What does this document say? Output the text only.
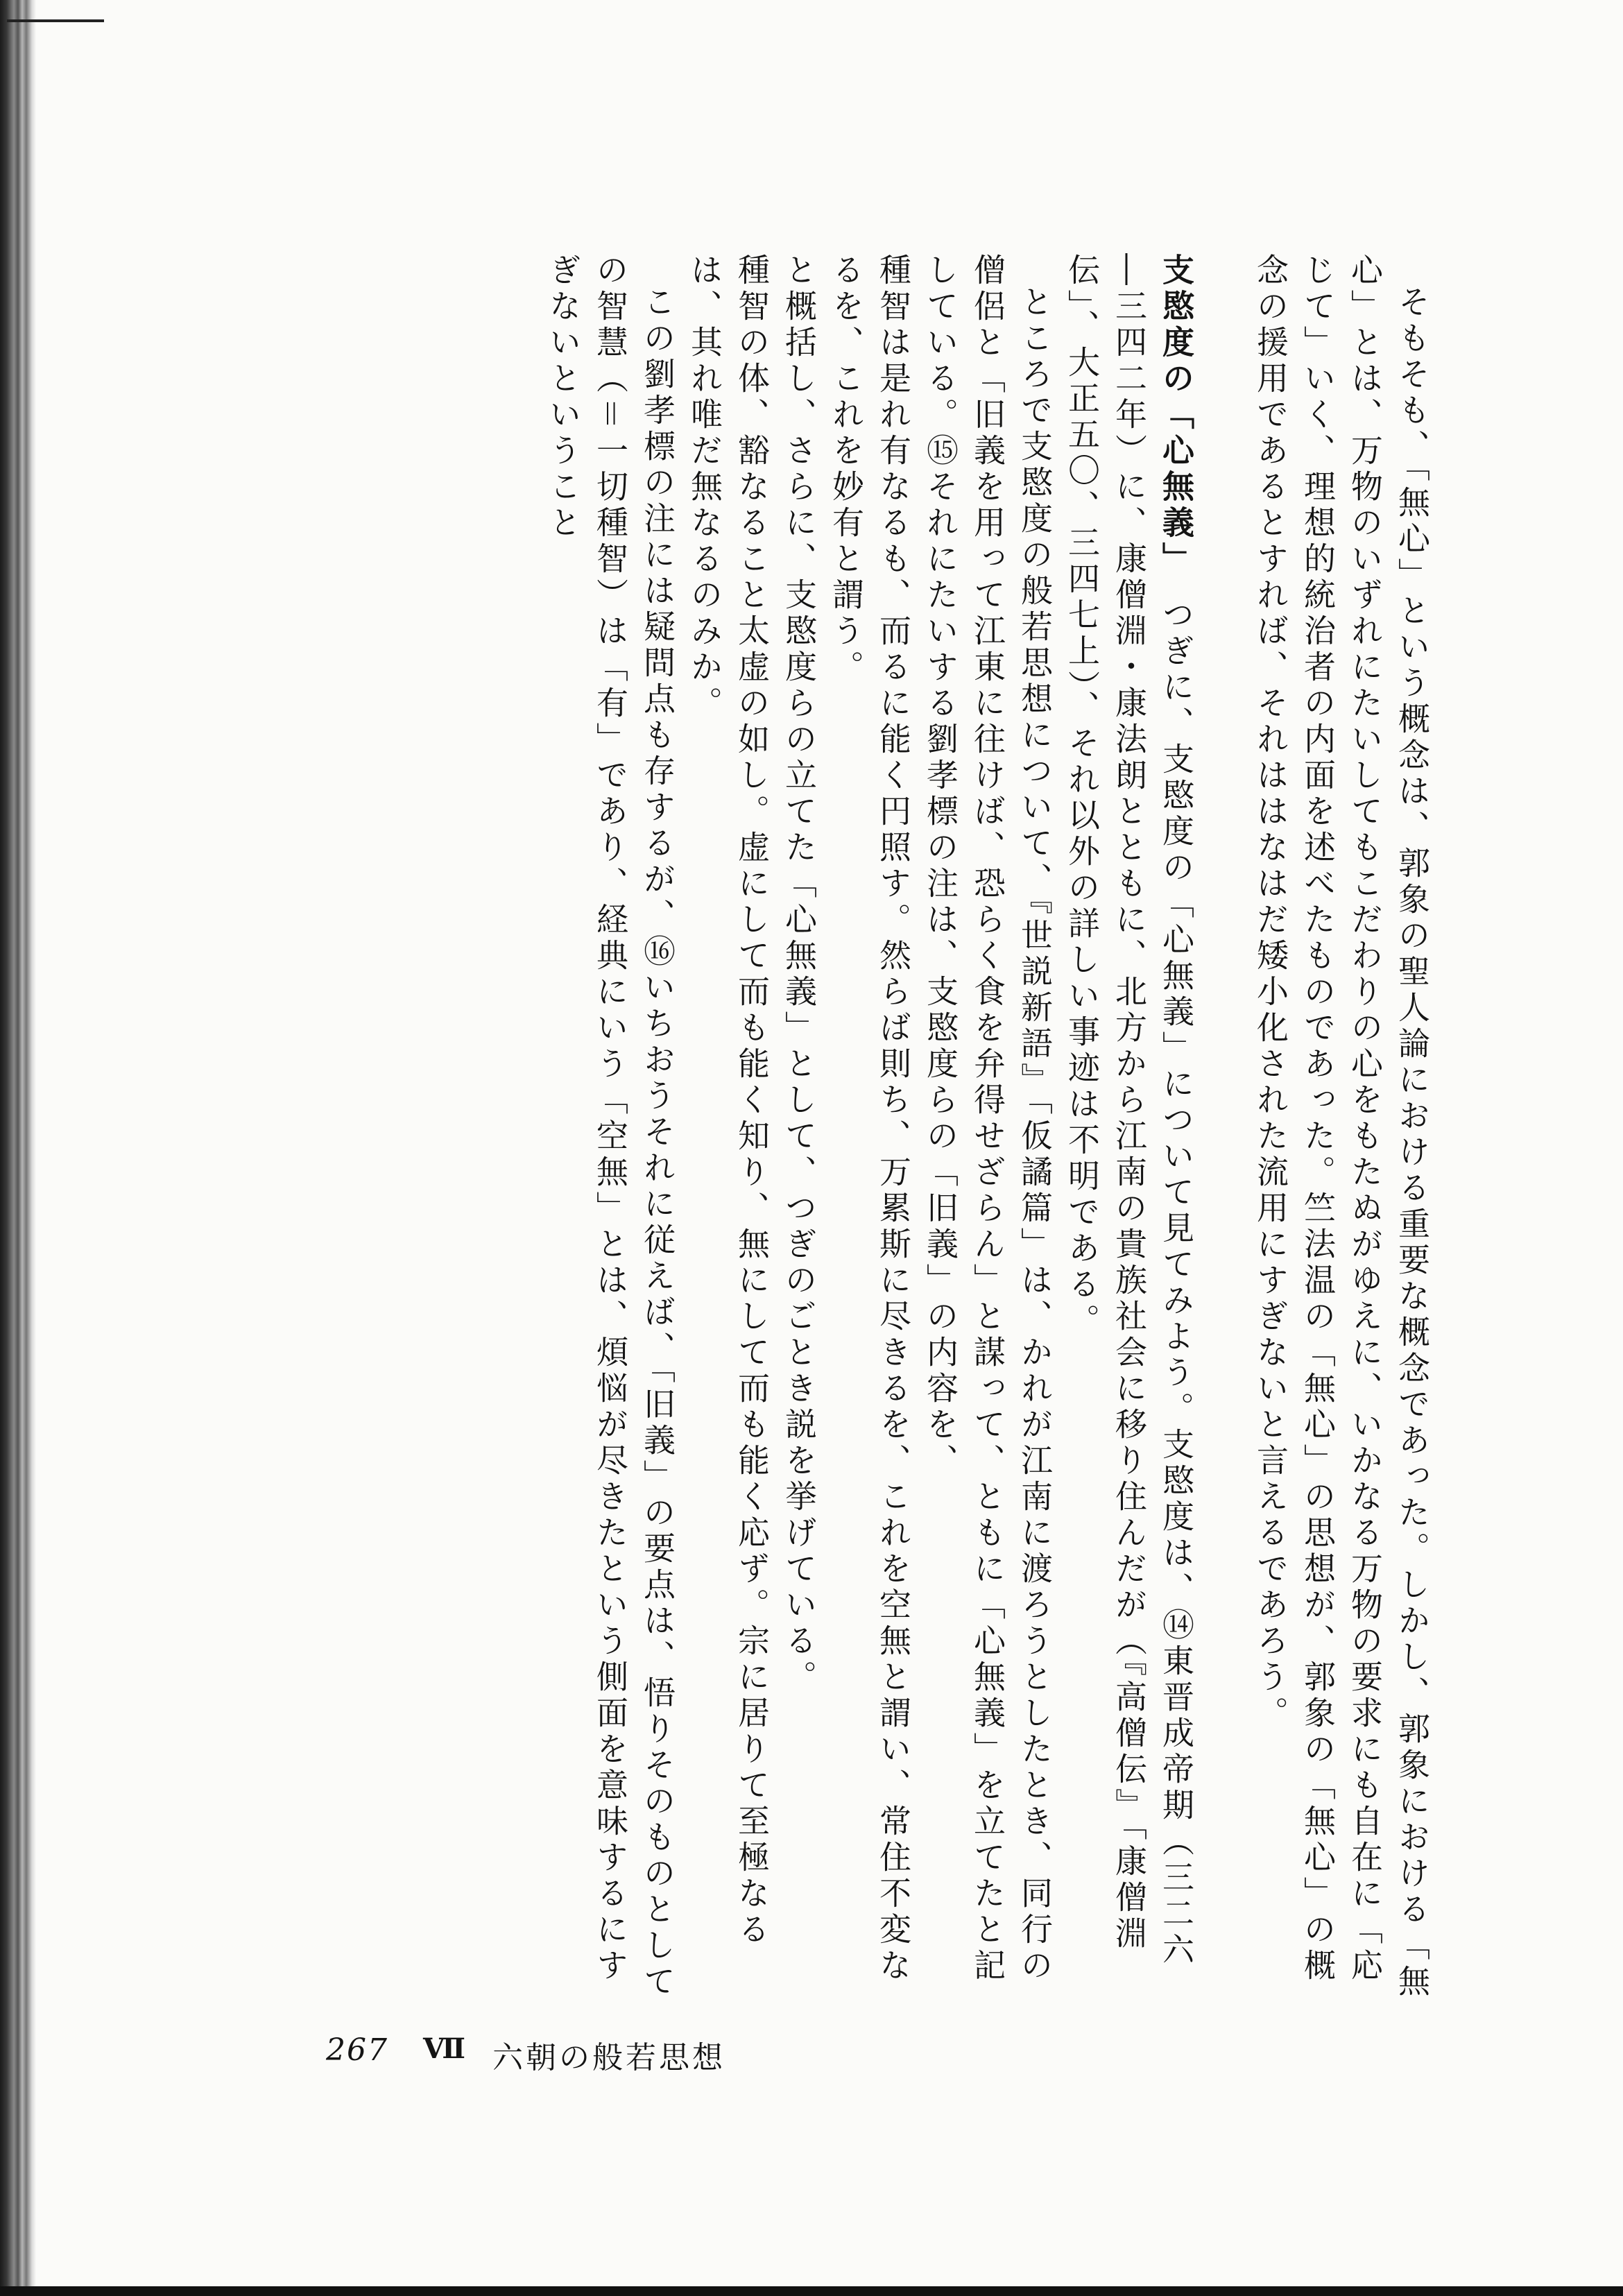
そもそも、「無心」という概念は、郭象の聖人論における重要な概念であった。しかし、郭象における「無心」とは、万物のいずれにたいしてもこだわりの心をもたぬがゆえに、いかなる万物の要求にも自在に「応じて」いく、理想的統治者の内面を述べたものであった。竺法温の「無心」の思想が、郭象の「無心」の概念の援用であるとすれば、それははなはだ矮小化された流用にすぎないと言えるであろう。

支愍度の「心無義」　つぎに、支愍度の「心無義」について見てみよう。支愍度は、⑭東晋成帝期（三二六―三四二年）に、康僧淵・康法朗とともに、北方から江南の貴族社会に移り住んだが（『高僧伝』「康僧淵伝」、大正五〇、三四七上）、それ以外の詳しい事迹は不明である。

ところで支愍度の般若思想について、『世説新語』「仮譎篇」は、かれが江南に渡ろうとしたとき、同行の僧侶と「旧義を用って江東に往けば、恐らく食を弁得せざらん」と謀って、ともに「心無義」を立てたと記している。⑮それにたいする劉孝標の注は、支愍度らの「旧義」の内容を、

種智は是れ有なるも、而るに能く円照す。然らば則ち、万累斯に尽きるを、これを空無と謂い、常住不変なるを、これを妙有と謂う。

と概括し、さらに、支愍度らの立てた「心無義」として、つぎのごとき説を挙げている。

種智の体、豁なること太虚の如し。虚にして而も能く知り、無にして而も能く応ず。宗に居りて至極なるは、其れ唯だ無なるのみか。

この劉孝標の注には疑問点も存するが、⑯いちおうそれに従えば、「旧義」の要点は、悟りそのものとしての智慧（＝一切種智）は「有」であり、経典にいう「空無」とは、煩悩が尽きたという側面を意味するにすぎないということ

267 Ⅶ 六朝の般若思想
